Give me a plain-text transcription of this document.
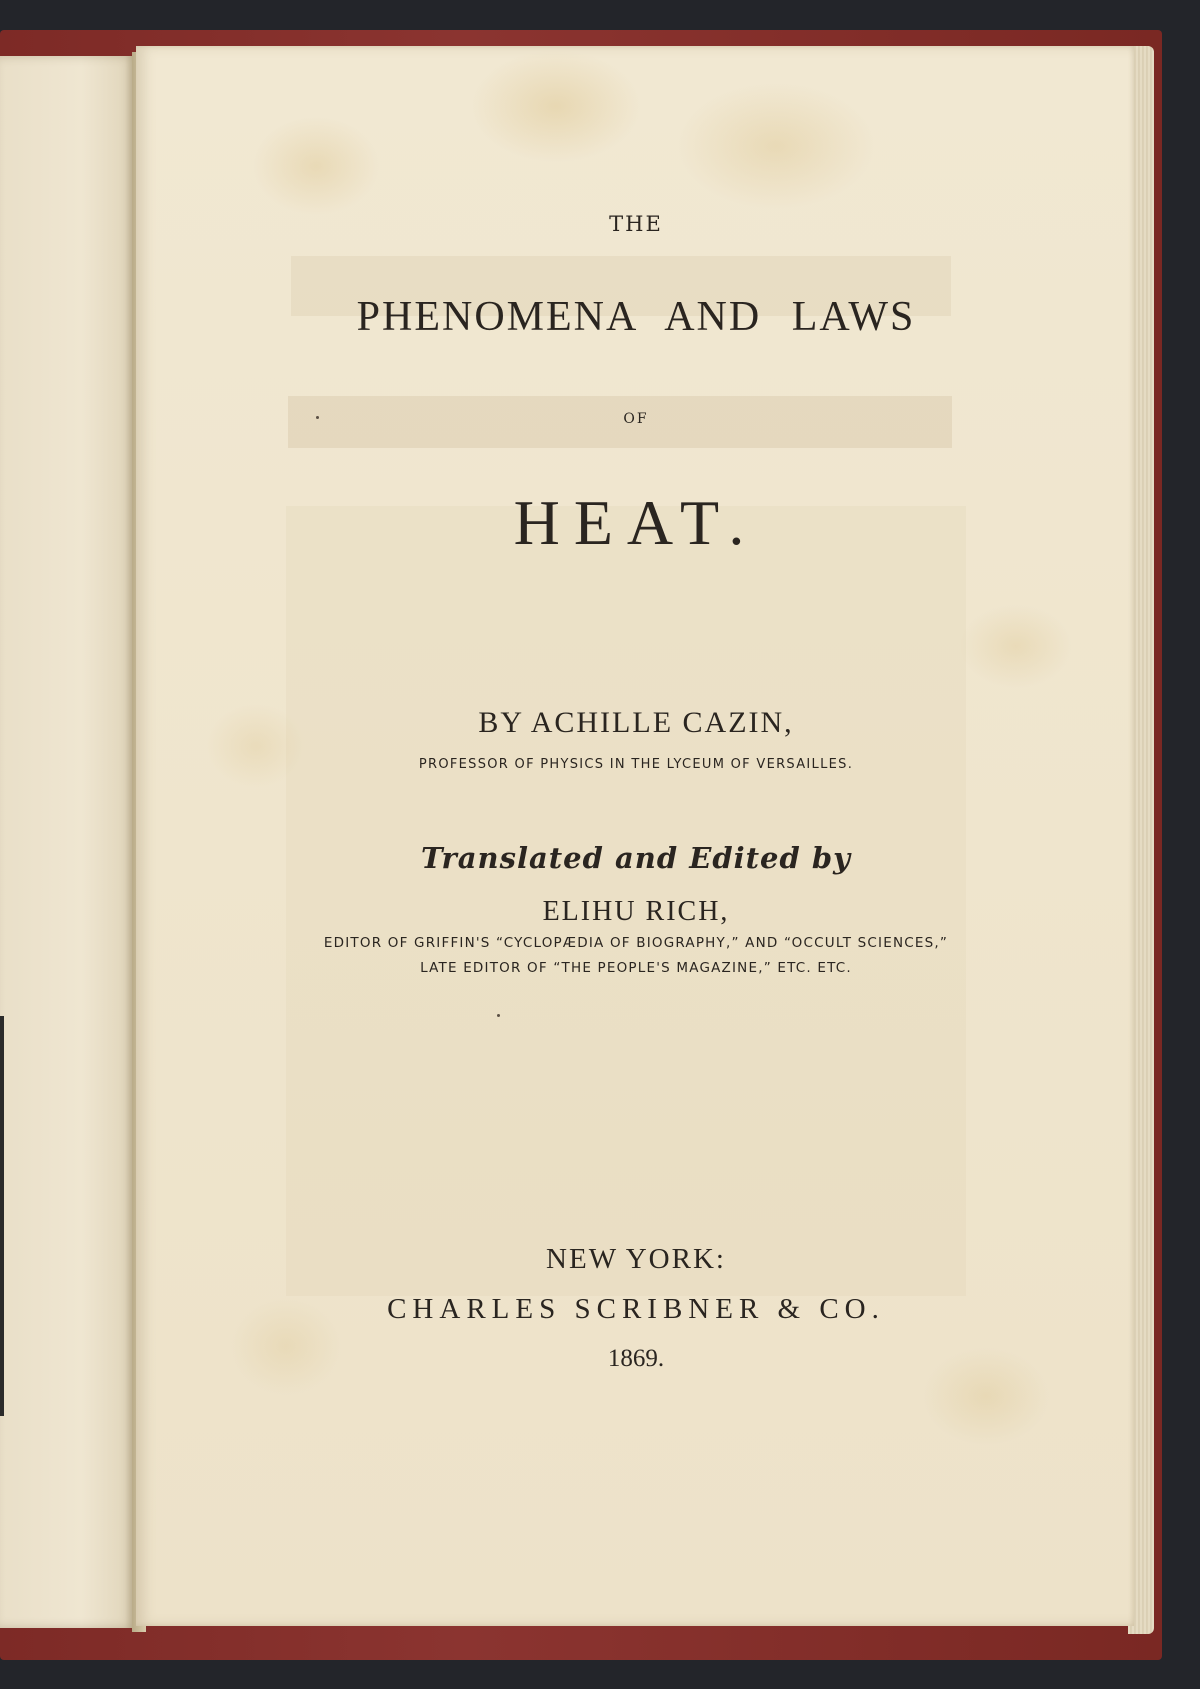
THE

PHENOMENA AND LAWS

OF

HEAT.

BY ACHILLE CAZIN,

PROFESSOR OF PHYSICS IN THE LYCEUM OF VERSAILLES.

Translated and Edited by

ELIHU RICH,

EDITOR OF GRIFFIN'S “CYCLOPÆDIA OF BIOGRAPHY,” AND “OCCULT SCIENCES,”

LATE EDITOR OF “THE PEOPLE'S MAGAZINE,” ETC. ETC.

NEW YORK:

CHARLES SCRIBNER & CO.

1869.
